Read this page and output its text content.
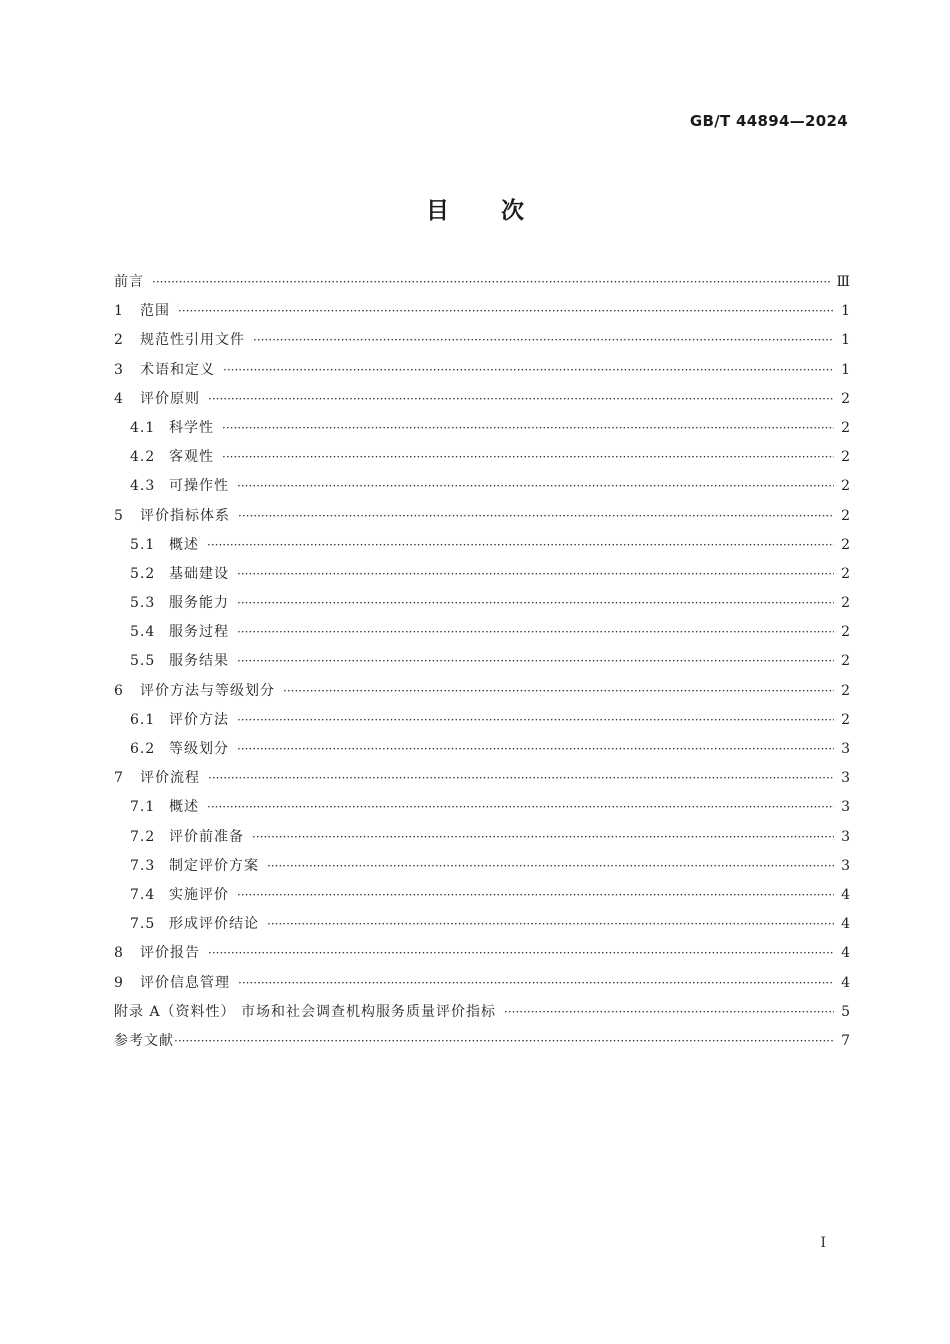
GB/T 44894—2024
目 次
前言 ·····	Ⅲ
1	范围 ·····	1
2	规范性引用文件 ·····	1
3	术语和定义 ·····	1
4	评价原则 ·····	2
4.1 科学性 ·····	2
4.2 客观性 ·····	2
4.3 可操作性 ·····	2
5	评价指标体系 ·····	2
5.1 概述 ·····	2
5.2 基础建设 ·····	2
5.3 服务能力 ·····	2
5.4 服务过程 ·····	2
5.5 服务结果 ·····	2
6	评价方法与等级划分 ·····	2
6.1 评价方法 ·····	2
6.2 等级划分 ·····	3
7	评价流程 ·····	3
7.1 概述 ·····	3
7.2 评价前准备 ·····	3
7.3 制定评价方案 ·····	3
7.4 实施评价 ·····	4
7.5 形成评价结论 ·····	4
8	评价报告 ·····	4
9	评价信息管理 ·····	4
附录 A（资料性） 市场和社会调查机构服务质量评价指标 ·····	5
参考文献 ·····	7
I
